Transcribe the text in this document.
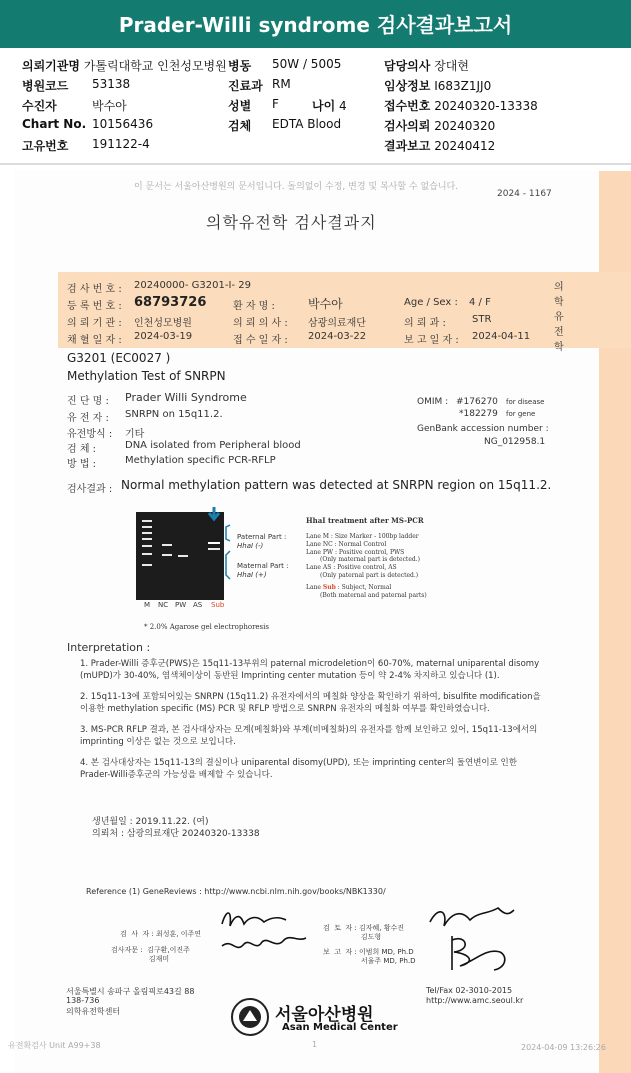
Prader-Willi syndrome 검사결과보고서
의뢰기관명 가톨릭대학교 인천성모병원 병동 50W / 5005	담당의사 장대현
병원코드 53138	진료과 RM	임상정보 I683Z1JJ0
수진자	박수아	성별 F	나이 4	접수번호 20240320-13338
Chart No. 10156436	검체 EDTA Blood	검사의뢰 20240320
고유번호 191122-4	결과보고 20240412
이 문서는 서울아산병원의 문서입니다. 돌의없이 수정, 변경 및 복사할 수 없습니다.
2024 - 1167
의학유전학 검사결과지
검 사 번 호 : 20240000- G3201-I- 29
등 록 번 호 : 68793726	환 자 명 :	박수아	Age / Sex : 4 / F
의 뢰 기 관 : 인천성모병원	의 뢰 의 사 : 삼광의료재단	의 뢰 과 :	STR
채 혈 일 자 : 2024-03-19	접 수 일 자 : 2024-03-22	보 고 일 자 : 2024-04-11
의학유전학
G3201 (EC0027 )
Methylation Test of SNRPN
진 단 명 : Prader Willi Syndrome
유 전 자 : SNRPN on 15q11.2.
유전방식 : 기타
검 체 :	DNA isolated from Peripheral blood
방 법 :	Methylation specific PCR-RFLP
OMIM : #176270 for disease
*182279 for gene
GenBank accession number :
NG_012958.1
검사결과 : Normal methylation pattern was detected at SNRPN region on 15q11.2.
M NC PW AS Sub
Paternal Part :
HhaI (-)
Maternal Part :
HhaI (+)
HhaI treatment after MS-PCR
Lane M : Size Marker - 100bp ladder
Lane NC : Normal Control
Lane PW : Positive control, PWS
(Only maternal part is detected.)
Lane AS : Positive control, AS
(Only paternal part is detected.)
Lane Sub : Subject, Normal
(Both maternal and paternal parts)
* 2.0% Agarose gel electrophoresis
Interpretation :

1. Prader-Willi 증후군(PWS)은 15q11-13부위의 paternal microdeletion이 60-70%, maternal uniparental disomy (mUPD)가 30-40%, 염색체이상이 동반된 Imprinting center mutation 등이 약 2-4% 차지하고 있습니다 (1).

2. 15q11-13에 포함되어있는 SNRPN (15q11.2) 유전자에서의 메칠화 양상을 확인하기 위하여, bisulfite modification을 이용한 methylation specific (MS) PCR 및 RFLP 방법으로 SNRPN 유전자의 메칠화 여부를 확인하였습니다.

3. MS-PCR RFLP 결과, 본 검사대상자는 모계(메칠화)와 부계(비메칠화)의 유전자를 함께 보인하고 있어, 15q11-13에서의 imprinting 이상은 없는 것으로 보입니다.

4. 본 검사대상자는 15q11-13의 결실이나 uniparental disomy(UPD), 또는 imprinting center의 돌연변이로 인한 Prader-Willi증후군의 가능성을 배제할 수 있습니다.

생년월일 : 2019.11.22. (여)
의뢰처 : 삼광의료재단 20240320-13338
Reference (1) GeneReviews : http://www.ncbi.nlm.nih.gov/books/NBK1330/
검  사  자 : 최성훈, 이주연
검사자문 :  김구환,이진주
김재미
검  토  자 : 김자혜, 황수진
김도형
보  고  자 : 이범희 MD, Ph.D
서율주 MD, Ph.D
서울특별시 송파구 올림픽로43길 88
138-736
의학유전학센터
Tel/Fax 02-3010-2015
http://www.amc.seoul.kr
서울아산병원
Asan Medical Center
유전확검사 Unit A99+38	1	2024-04-09 13:26:26
